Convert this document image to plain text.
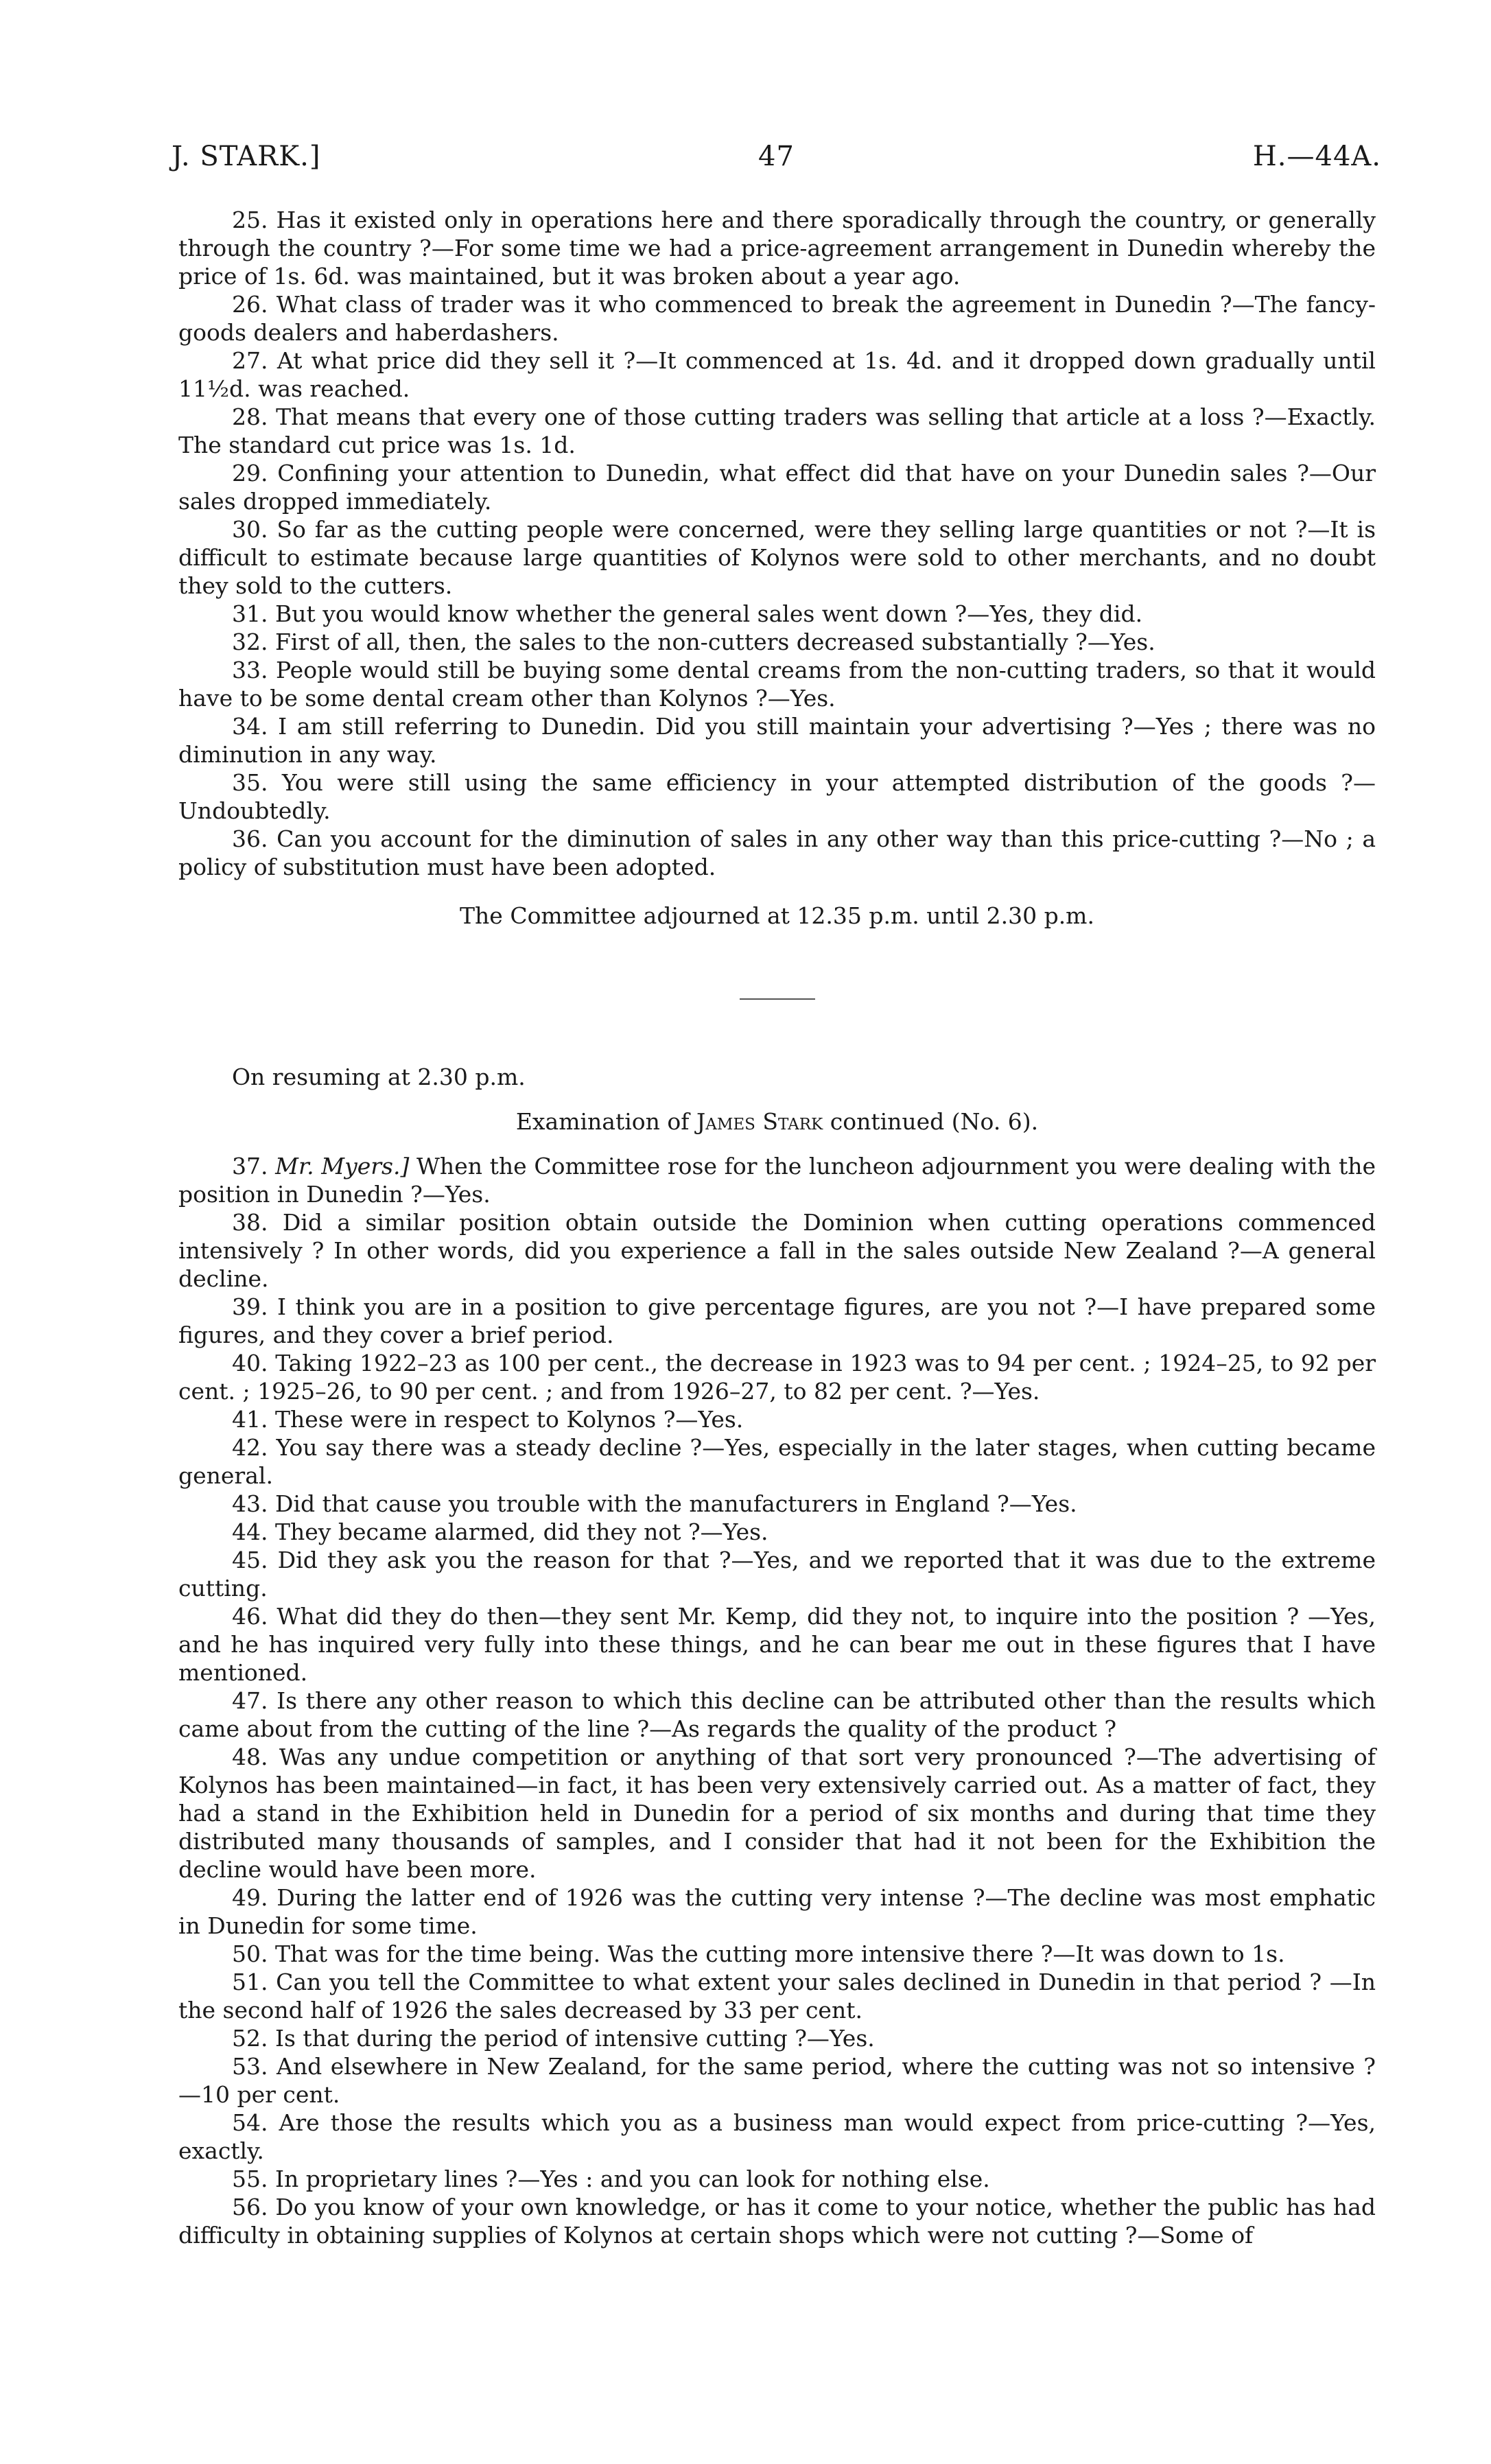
J. STARK.]	47	H.—44A.

25. Has it existed only in operations here and there sporadically through the country, or generally through the country ?—For some time we had a price-agreement arrangement in Dunedin whereby the price of 1s. 6d. was maintained, but it was broken about a year ago.

26. What class of trader was it who commenced to break the agreement in Dunedin ?—The fancy-goods dealers and haberdashers.

27. At what price did they sell it ?—It commenced at 1s. 4d. and it dropped down gradually until 11½d. was reached.

28. That means that every one of those cutting traders was selling that article at a loss ?—Exactly. The standard cut price was 1s. 1d.

29. Confining your attention to Dunedin, what effect did that have on your Dunedin sales ?—Our sales dropped immediately.

30. So far as the cutting people were concerned, were they selling large quantities or not ?—It is difficult to estimate because large quantities of Kolynos were sold to other merchants, and no doubt they sold to the cutters.

31. But you would know whether the general sales went down ?—Yes, they did.

32. First of all, then, the sales to the non-cutters decreased substantially ?—Yes.

33. People would still be buying some dental creams from the non-cutting traders, so that it would have to be some dental cream other than Kolynos ?—Yes.

34. I am still referring to Dunedin. Did you still maintain your advertising ?—Yes ; there was no diminution in any way.

35. You were still using the same efficiency in your attempted distribution of the goods ?—Undoubtedly.

36. Can you account for the diminution of sales in any other way than this price-cutting ?—No ; a policy of substitution must have been adopted.

The Committee adjourned at 12.35 p.m. until 2.30 p.m.

On resuming at 2.30 p.m.

Examination of James Stark continued (No. 6).

37. Mr. Myers.] When the Committee rose for the luncheon adjournment you were dealing with the position in Dunedin ?—Yes.

38. Did a similar position obtain outside the Dominion when cutting operations commenced intensively ? In other words, did you experience a fall in the sales outside New Zealand ?—A general decline.

39. I think you are in a position to give percentage figures, are you not ?—I have prepared some figures, and they cover a brief period.

40. Taking 1922–23 as 100 per cent., the decrease in 1923 was to 94 per cent. ; 1924–25, to 92 per cent. ; 1925–26, to 90 per cent. ; and from 1926–27, to 82 per cent. ?—Yes.

41. These were in respect to Kolynos ?—Yes.

42. You say there was a steady decline ?—Yes, especially in the later stages, when cutting became general.

43. Did that cause you trouble with the manufacturers in England ?—Yes.

44. They became alarmed, did they not ?—Yes.

45. Did they ask you the reason for that ?—Yes, and we reported that it was due to the extreme cutting.

46. What did they do then—they sent Mr. Kemp, did they not, to inquire into the position ? —Yes, and he has inquired very fully into these things, and he can bear me out in these figures that I have mentioned.

47. Is there any other reason to which this decline can be attributed other than the results which came about from the cutting of the line ?—As regards the quality of the product ?

48. Was any undue competition or anything of that sort very pronounced ?—The advertising of Kolynos has been maintained—in fact, it has been very extensively carried out. As a matter of fact, they had a stand in the Exhibition held in Dunedin for a period of six months and during that time they distributed many thousands of samples, and I consider that had it not been for the Exhibition the decline would have been more.

49. During the latter end of 1926 was the cutting very intense ?—The decline was most emphatic in Dunedin for some time.

50. That was for the time being. Was the cutting more intensive there ?—It was down to 1s.

51. Can you tell the Committee to what extent your sales declined in Dunedin in that period ? —In the second half of 1926 the sales decreased by 33 per cent.

52. Is that during the period of intensive cutting ?—Yes.

53. And elsewhere in New Zealand, for the same period, where the cutting was not so intensive ? —10 per cent.

54. Are those the results which you as a business man would expect from price-cutting ?—Yes, exactly.

55. In proprietary lines ?—Yes : and you can look for nothing else.

56. Do you know of your own knowledge, or has it come to your notice, whether the public has had difficulty in obtaining supplies of Kolynos at certain shops which were not cutting ?—Some of
